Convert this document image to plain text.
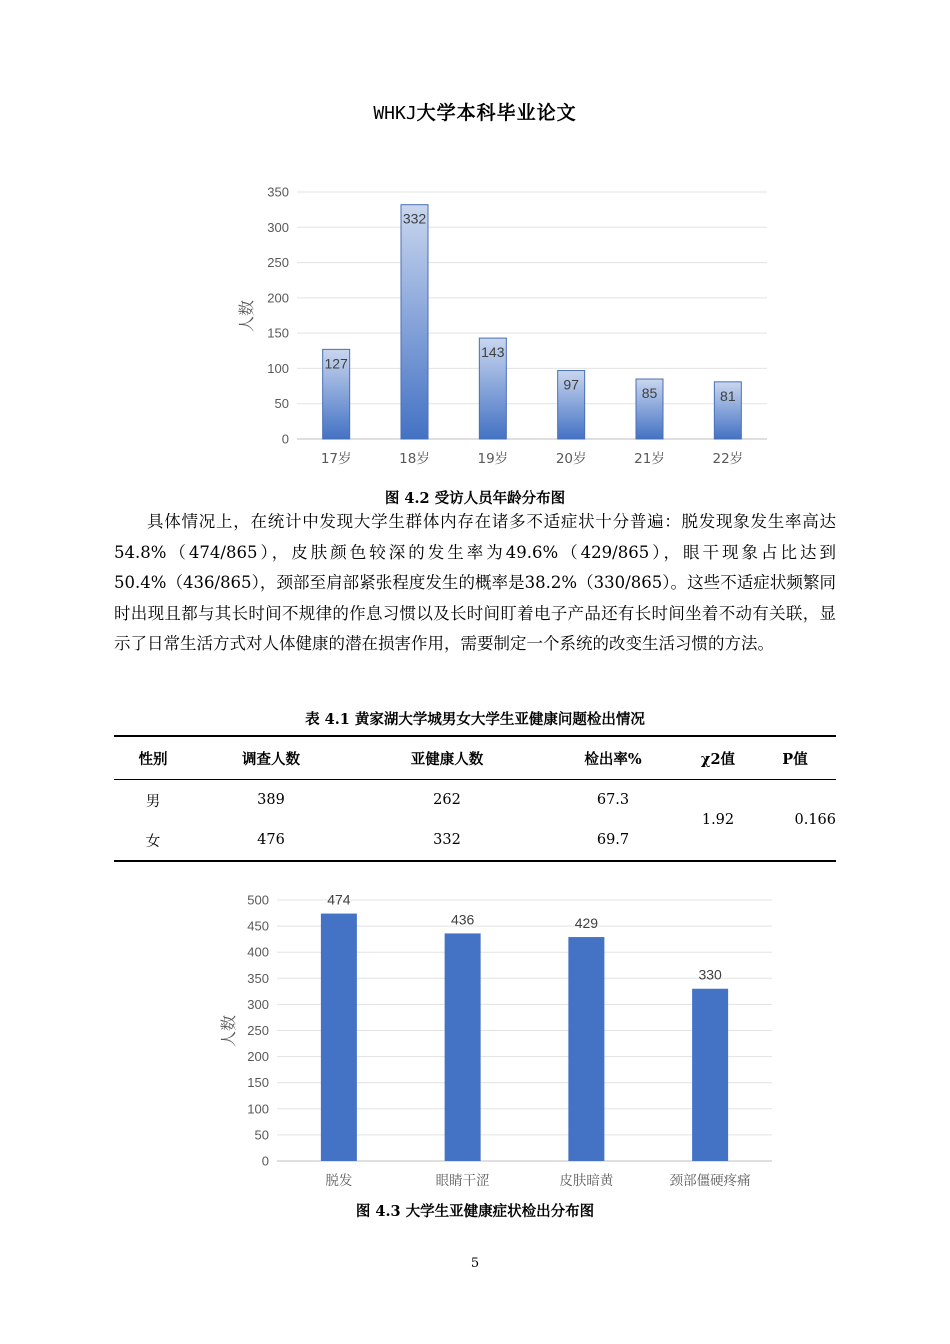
WHKJ大学本科毕业论文
0
50
100
150
200
250
300
350
127
332
143
97
85	81
17岁	18岁	19岁	20岁	21岁	22岁
人数
图 4.2 受访人员年龄分布图

具体情况上，在统计中发现大学生群体内存在诸多不适症状十分普遍：脱发现象发生率高达54.8%（474/865），皮肤颜色较深的发生率为49.6%（429/865），眼干现象占比达到50.4%（436/865），颈部至肩部紧张程度发生的概率是38.2%（330/865）。这些不适症状频繁同时出现且都与其长时间不规律的作息习惯以及长时间盯着电子产品还有长时间坐着不动有关联，显示了日常生活方式对人体健康的潜在损害作用，需要制定一个系统的改变生活习惯的方法。

表 4.1 黄家湖大学城男女大学生亚健康问题检出情况
性别	调查人数	亚健康人数	检出率%	χ2值	P值
男	389	262	67.3	1.92	0.166
女	476	332	69.7		
0
50
100
150
200
250
300
350
400
450
500	474
436	429
330
脱发	眼睛干涩	皮肤暗黄	颈部僵硬疼痛
人数
图 4.3 大学生亚健康症状检出分布图
5
